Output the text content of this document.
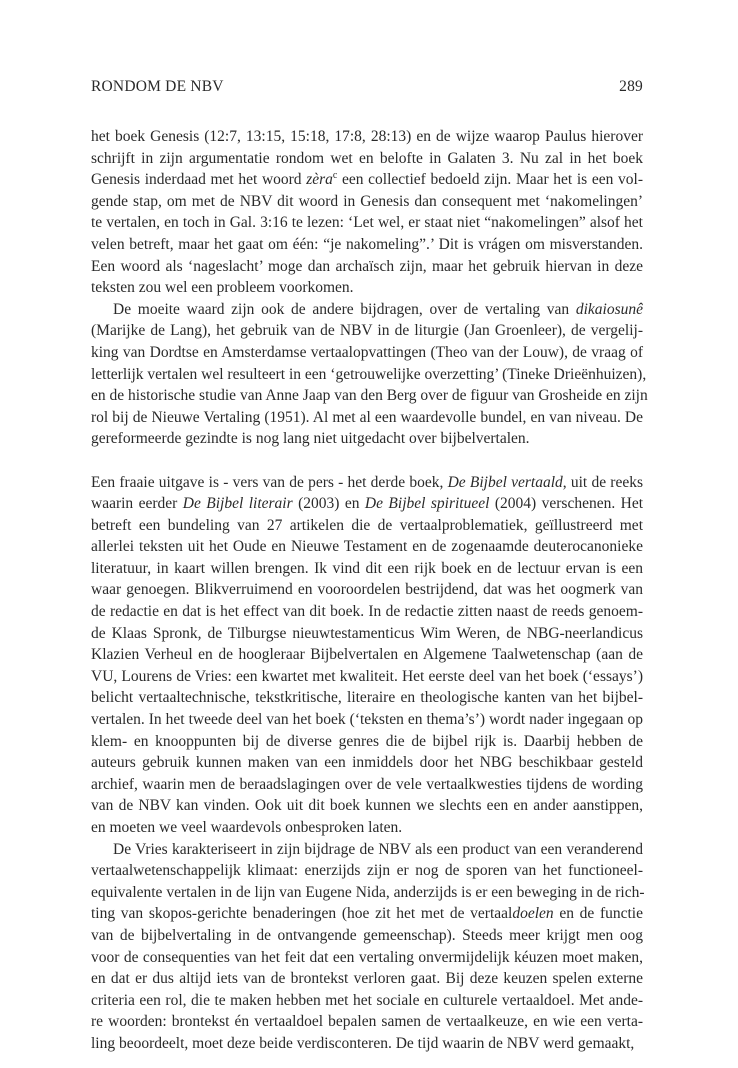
RONDOM DE NBV	289
het boek Genesis (12:7, 13:15, 15:18, 17:8, 28:13) en de wijze waarop Paulus hierover
schrijft in zijn argumentatie rondom wet en belofte in Galaten 3. Nu zal in het boek
Genesis inderdaad met het woord zèra$^c$ een collectief bedoeld zijn. Maar het is een vol-
gende stap, om met de NBV dit woord in Genesis dan consequent met ‘nakomelingen’
te vertalen, en toch in Gal. 3:16 te lezen: ‘Let wel, er staat niet “nakomelingen” alsof het
velen betreft, maar het gaat om één: “je nakomeling”.’ Dit is vrágen om misverstanden.
Een woord als ‘nageslacht’ moge dan archaïsch zijn, maar het gebruik hiervan in deze
teksten zou wel een probleem voorkomen.
De moeite waard zijn ook de andere bijdragen, over de vertaling van dikaiosunê
(Marijke de Lang), het gebruik van de NBV in de liturgie (Jan Groenleer), de vergelij-
king van Dordtse en Amsterdamse vertaalopvattingen (Theo van der Louw), de vraag of
letterlijk vertalen wel resulteert in een ‘getrouwelijke overzetting’ (Tineke Drieënhuizen),
en de historische studie van Anne Jaap van den Berg over de figuur van Grosheide en zijn
rol bij de Nieuwe Vertaling (1951). Al met al een waardevolle bundel, en van niveau. De
gereformeerde gezindte is nog lang niet uitgedacht over bijbelvertalen.
Een fraaie uitgave is - vers van de pers - het derde boek, De Bijbel vertaald, uit de reeks
waarin eerder De Bijbel literair (2003) en De Bijbel spiritueel (2004) verschenen. Het
betreft een bundeling van 27 artikelen die de vertaalproblematiek, geïllustreerd met
allerlei teksten uit het Oude en Nieuwe Testament en de zogenaamde deuterocanonieke
literatuur, in kaart willen brengen. Ik vind dit een rijk boek en de lectuur ervan is een
waar genoegen. Blikverruimend en vooroordelen bestrijdend, dat was het oogmerk van
de redactie en dat is het effect van dit boek. In de redactie zitten naast de reeds genoem-
de Klaas Spronk, de Tilburgse nieuwtestamenticus Wim Weren, de NBG-neerlandicus
Klazien Verheul en de hoogleraar Bijbelvertalen en Algemene Taalwetenschap (aan de
VU, Lourens de Vries: een kwartet met kwaliteit. Het eerste deel van het boek (‘essays’)
belicht vertaaltechnische, tekstkritische, literaire en theologische kanten van het bijbel-
vertalen. In het tweede deel van het boek (‘teksten en thema’s’) wordt nader ingegaan op
klem- en knooppunten bij de diverse genres die de bijbel rijk is. Daarbij hebben de
auteurs gebruik kunnen maken van een inmiddels door het NBG beschikbaar gesteld
archief, waarin men de beraadslagingen over de vele vertaalkwesties tijdens de wording
van de NBV kan vinden. Ook uit dit boek kunnen we slechts een en ander aanstippen,
en moeten we veel waardevols onbesproken laten.
De Vries karakteriseert in zijn bijdrage de NBV als een product van een veranderend
vertaalwetenschappelijk klimaat: enerzijds zijn er nog de sporen van het functioneel-
equivalente vertalen in de lijn van Eugene Nida, anderzijds is er een beweging in de rich-
ting van skopos-gerichte benaderingen (hoe zit het met de vertaaldoelen en de functie
van de bijbelvertaling in de ontvangende gemeenschap). Steeds meer krijgt men oog
voor de consequenties van het feit dat een vertaling onvermijdelijk kéuzen moet maken,
en dat er dus altijd iets van de brontekst verloren gaat. Bij deze keuzen spelen externe
criteria een rol, die te maken hebben met het sociale en culturele vertaaldoel. Met ande-
re woorden: brontekst én vertaaldoel bepalen samen de vertaalkeuze, en wie een verta-
ling beoordeelt, moet deze beide verdisconteren. De tijd waarin de NBV werd gemaakt,
